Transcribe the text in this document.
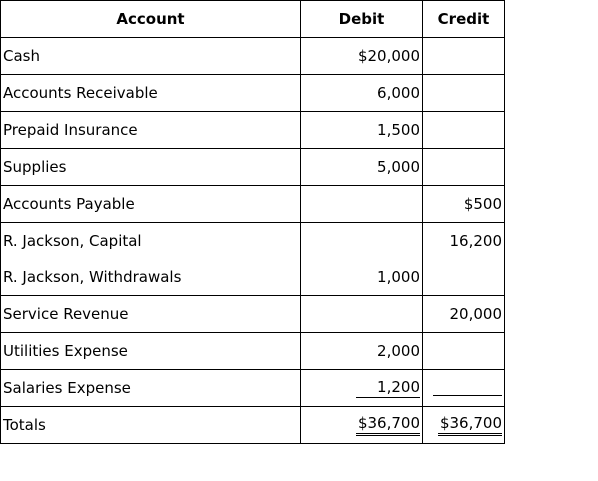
Account	Debit	Credit
Cash	$20,000	
Accounts Receivable	6,000	
Prepaid Insurance	1,500	
Supplies	5,000	
Accounts Payable		$500
R. Jackson, Capital		16,200
R. Jackson, Withdrawals	1,000	
Service Revenue		20,000
Utilities Expense	2,000	
Salaries Expense	1,200	

Totals	$36,700	$36,700
